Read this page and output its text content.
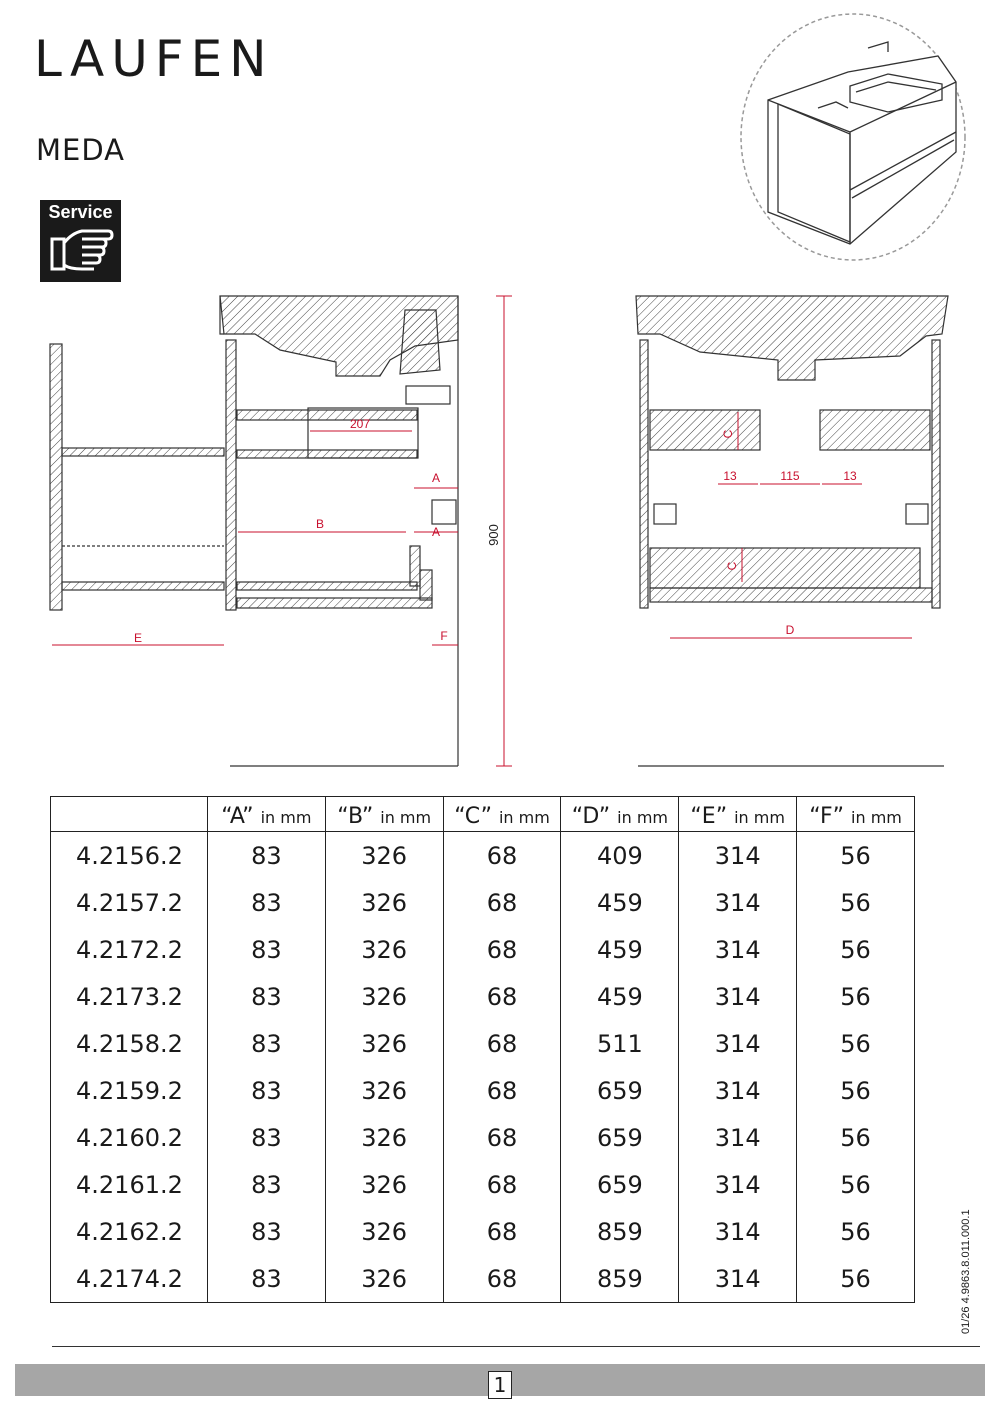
LAUFEN
MEDA
Service
900
207
A
A
B
E	F
C
C
13	115	13
D
	“A” in mm	“B” in mm	“C” in mm	“D” in mm	“E” in mm	“F” in mm
4.2156.2	83	326	68	409	314	56
4.2157.2	83	326	68	459	314	56
4.2172.2	83	326	68	459	314	56
4.2173.2	83	326	68	459	314	56
4.2158.2	83	326	68	511	314	56
4.2159.2	83	326	68	659	314	56
4.2160.2	83	326	68	659	314	56
4.2161.2	83	326	68	659	314	56
4.2162.2	83	326	68	859	314	56
4.2174.2	83	326	68	859	314	56	01/26 4.9863.8.011.000.1
1
